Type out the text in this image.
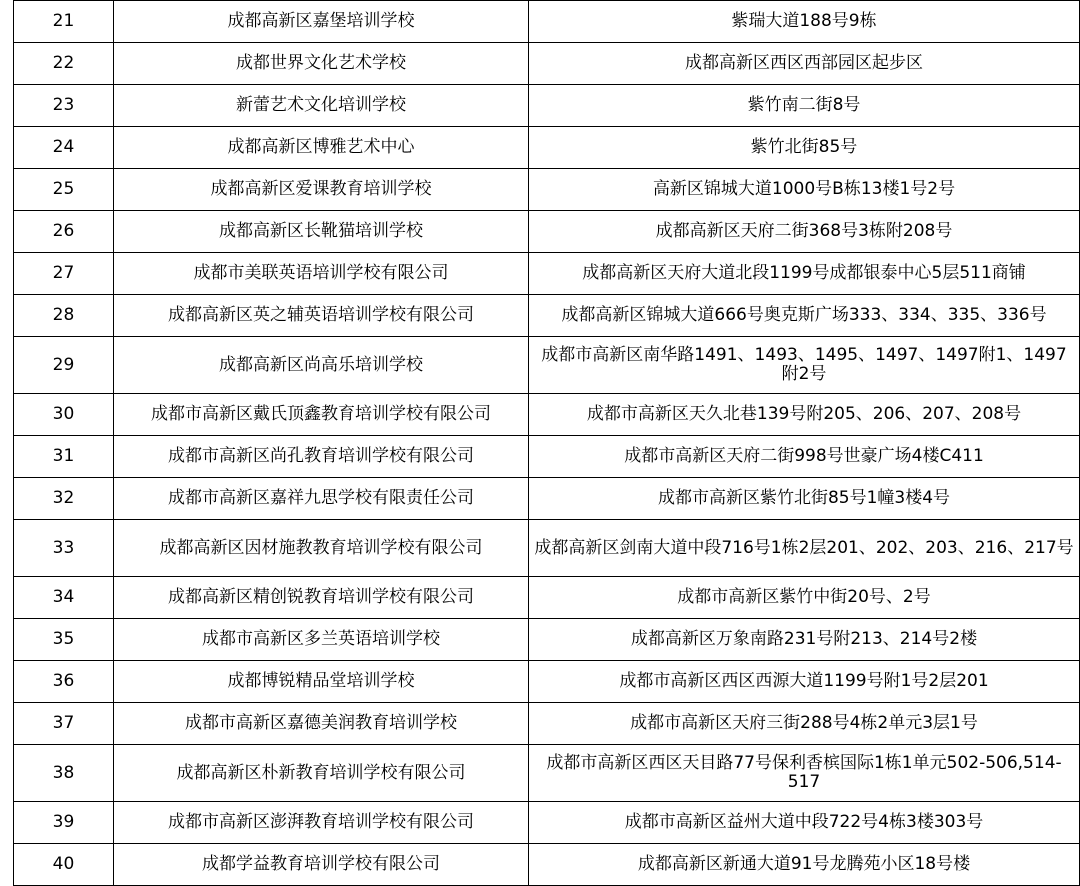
21	成都高新区嘉堡培训学校	紫瑞大道188号9栋
22	成都世界文化艺术学校	成都高新区西区西部园区起步区
23	新蕾艺术文化培训学校	紫竹南二街8号
24	成都高新区博雅艺术中心	紫竹北街85号
25	成都高新区爱课教育培训学校	高新区锦城大道1000号B栋13楼1号2号
26	成都高新区长靴猫培训学校	成都高新区天府二街368号3栋附208号
27	成都市美联英语培训学校有限公司	成都高新区天府大道北段1199号成都银泰中心5层511商铺
28	成都高新区英之辅英语培训学校有限公司	成都高新区锦城大道666号奥克斯广场333、334、335、336号
29	成都高新区尚高乐培训学校	成都市高新区南华路1491、1493、1495、1497、1497附1、1497附2号
30	成都市高新区戴氏顶鑫教育培训学校有限公司	成都市高新区天久北巷139号附205、206、207、208号
31	成都市高新区尚孔教育培训学校有限公司	成都市高新区天府二街998号世豪广场4楼C411
32	成都市高新区嘉祥九思学校有限责任公司	成都市高新区紫竹北街85号1幢3楼4号
33	成都高新区因材施教教育培训学校有限公司	成都高新区剑南大道中段716号1栋2层201、202、203、216、217号
34	成都高新区精创锐教育培训学校有限公司	成都市高新区紫竹中街20号、2号
35	成都市高新区多兰英语培训学校	成都高新区万象南路231号附213、214号2楼
36	成都博锐精品堂培训学校	成都市高新区西区西源大道1199号附1号2层201
37	成都市高新区嘉德美润教育培训学校	成都市高新区天府三街288号4栋2单元3层1号
38	成都高新区朴新教育培训学校有限公司	成都市高新区西区天目路77号保利香槟国际1栋1单元502-506,514-517
39	成都市高新区澎湃教育培训学校有限公司	成都市高新区益州大道中段722号4栋3楼303号
40	成都学益教育培训学校有限公司	成都高新区新通大道91号龙腾苑小区18号楼
